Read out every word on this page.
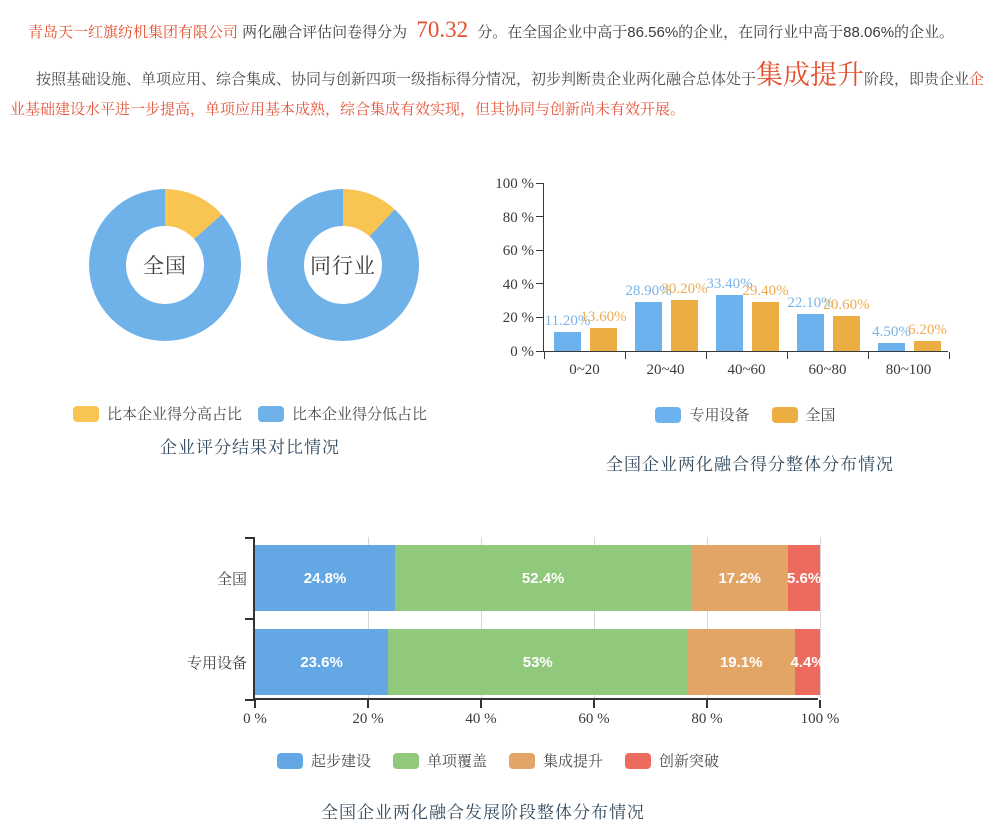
青岛天一红旗纺机集团有限公司 两化融合评估问卷得分为 70.32 分。在全国企业中高于86.56%的企业，在同行业中高于88.06%的企业。

按照基础设施、单项应用、综合集成、协同与创新四项一级指标得分情况，初步判断贵企业两化融合总体处于集成提升阶段，即贵企业企业基础建设水平进一步提高，单项应用基本成熟，综合集成有效实现，但其协同与创新尚未有效开展。

全国	同行业
比本企业得分高占比	比本企业得分低占比
企业评分结果对比情况
0 %
20 %
40 %
60 %
80 %
100 %
0~20
11.20%
13.60%
20~40
28.90%
30.20%
40~60
33.40%
29.40%
60~80
22.10%
20.60%
80~100
4.50%
6.20%
专用设备	全国
全国企业两化融合得分整体分布情况
0 %	20 %	40 %	60 %	80 %	100 %
全国	24.8%	52.4%	17.2% 5.6%
专用设备	23.6%	53%	19.1% 4.4%
起步建设	单项覆盖	集成提升	创新突破
全国企业两化融合发展阶段整体分布情况
